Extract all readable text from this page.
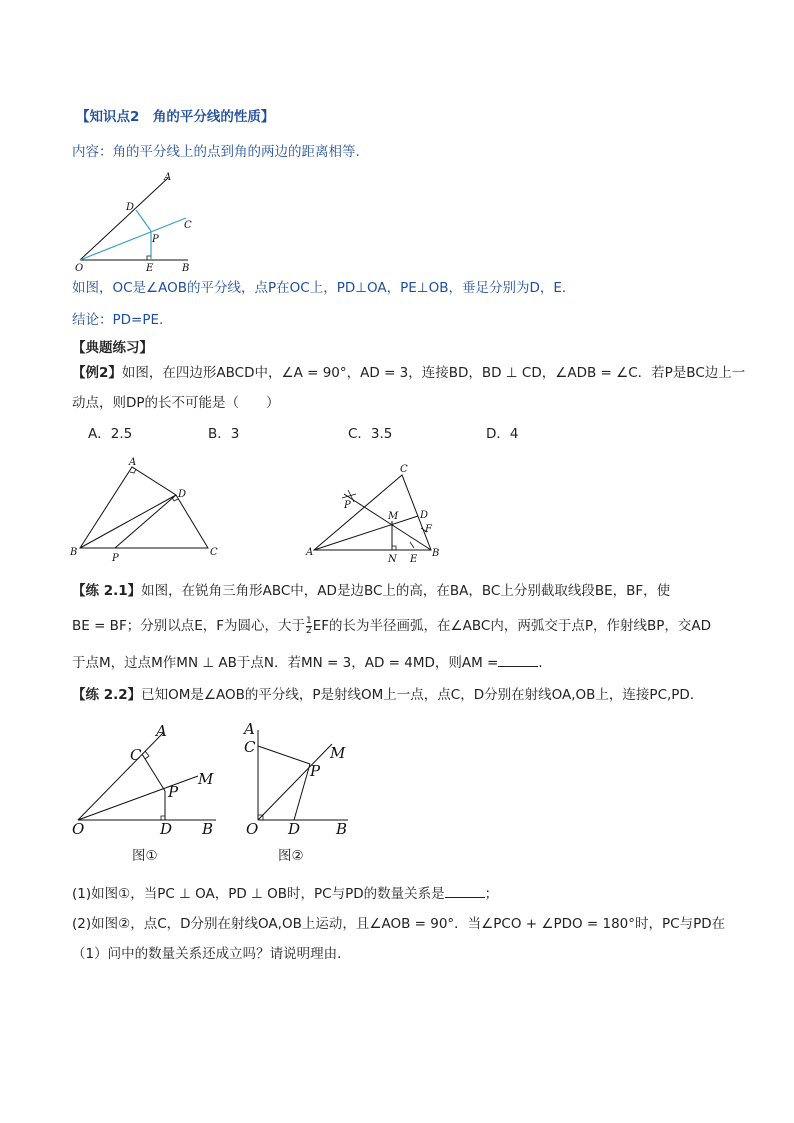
【知识点2　角的平分线的性质】
内容：角的平分线上的点到角的两边的距离相等.
A
D
C
P
O	E	B
如图，OC是∠AOB的平分线，点P在OC上，PD⊥OA，PE⊥OB，垂足分别为D，E.
结论：PD=PE.
【典题练习】
【例2】如图，在四边形ABCD中，∠A = 90°，AD = 3，连接BD，BD ⊥ CD，∠ADB = ∠C．若P是BC边上一
动点，则DP的长不可能是（　　）
A．2.5	B．3	C．3.5	D．4
A
D
B
P
C
C
P
M D
F
A
N E
B
【练 2.1】如图，在锐角三角形ABC中，AD是边BC上的高，在BA，BC上分别截取线段BE，BF，使
BE = BF；分别以点E，F为圆心，大于 $\frac{1}{2}$ EF的长为半径画弧，在∠ABC内，两弧交于点P，作射线BP，交AD
于点M，过点M作MN ⊥ AB于点N．若MN = 3，AD = 4MD，则AM =	．
【练 2.2】已知OM是∠AOB的平分线，P是射线OM上一点，点C，D分别在射线OA,OB上，连接PC,PD．
A
C
M
P
O	D B
图①
A
C	M
P
O D B
图②
(1)如图①，当PC ⊥ OA，PD ⊥ OB时，PC与PD的数量关系是	；
(2)如图②，点C，D分别在射线OA,OB上运动，且∠AOB = 90°．当∠PCO + ∠PDO = 180°时，PC与PD在
（1）问中的数量关系还成立吗？请说明理由．
